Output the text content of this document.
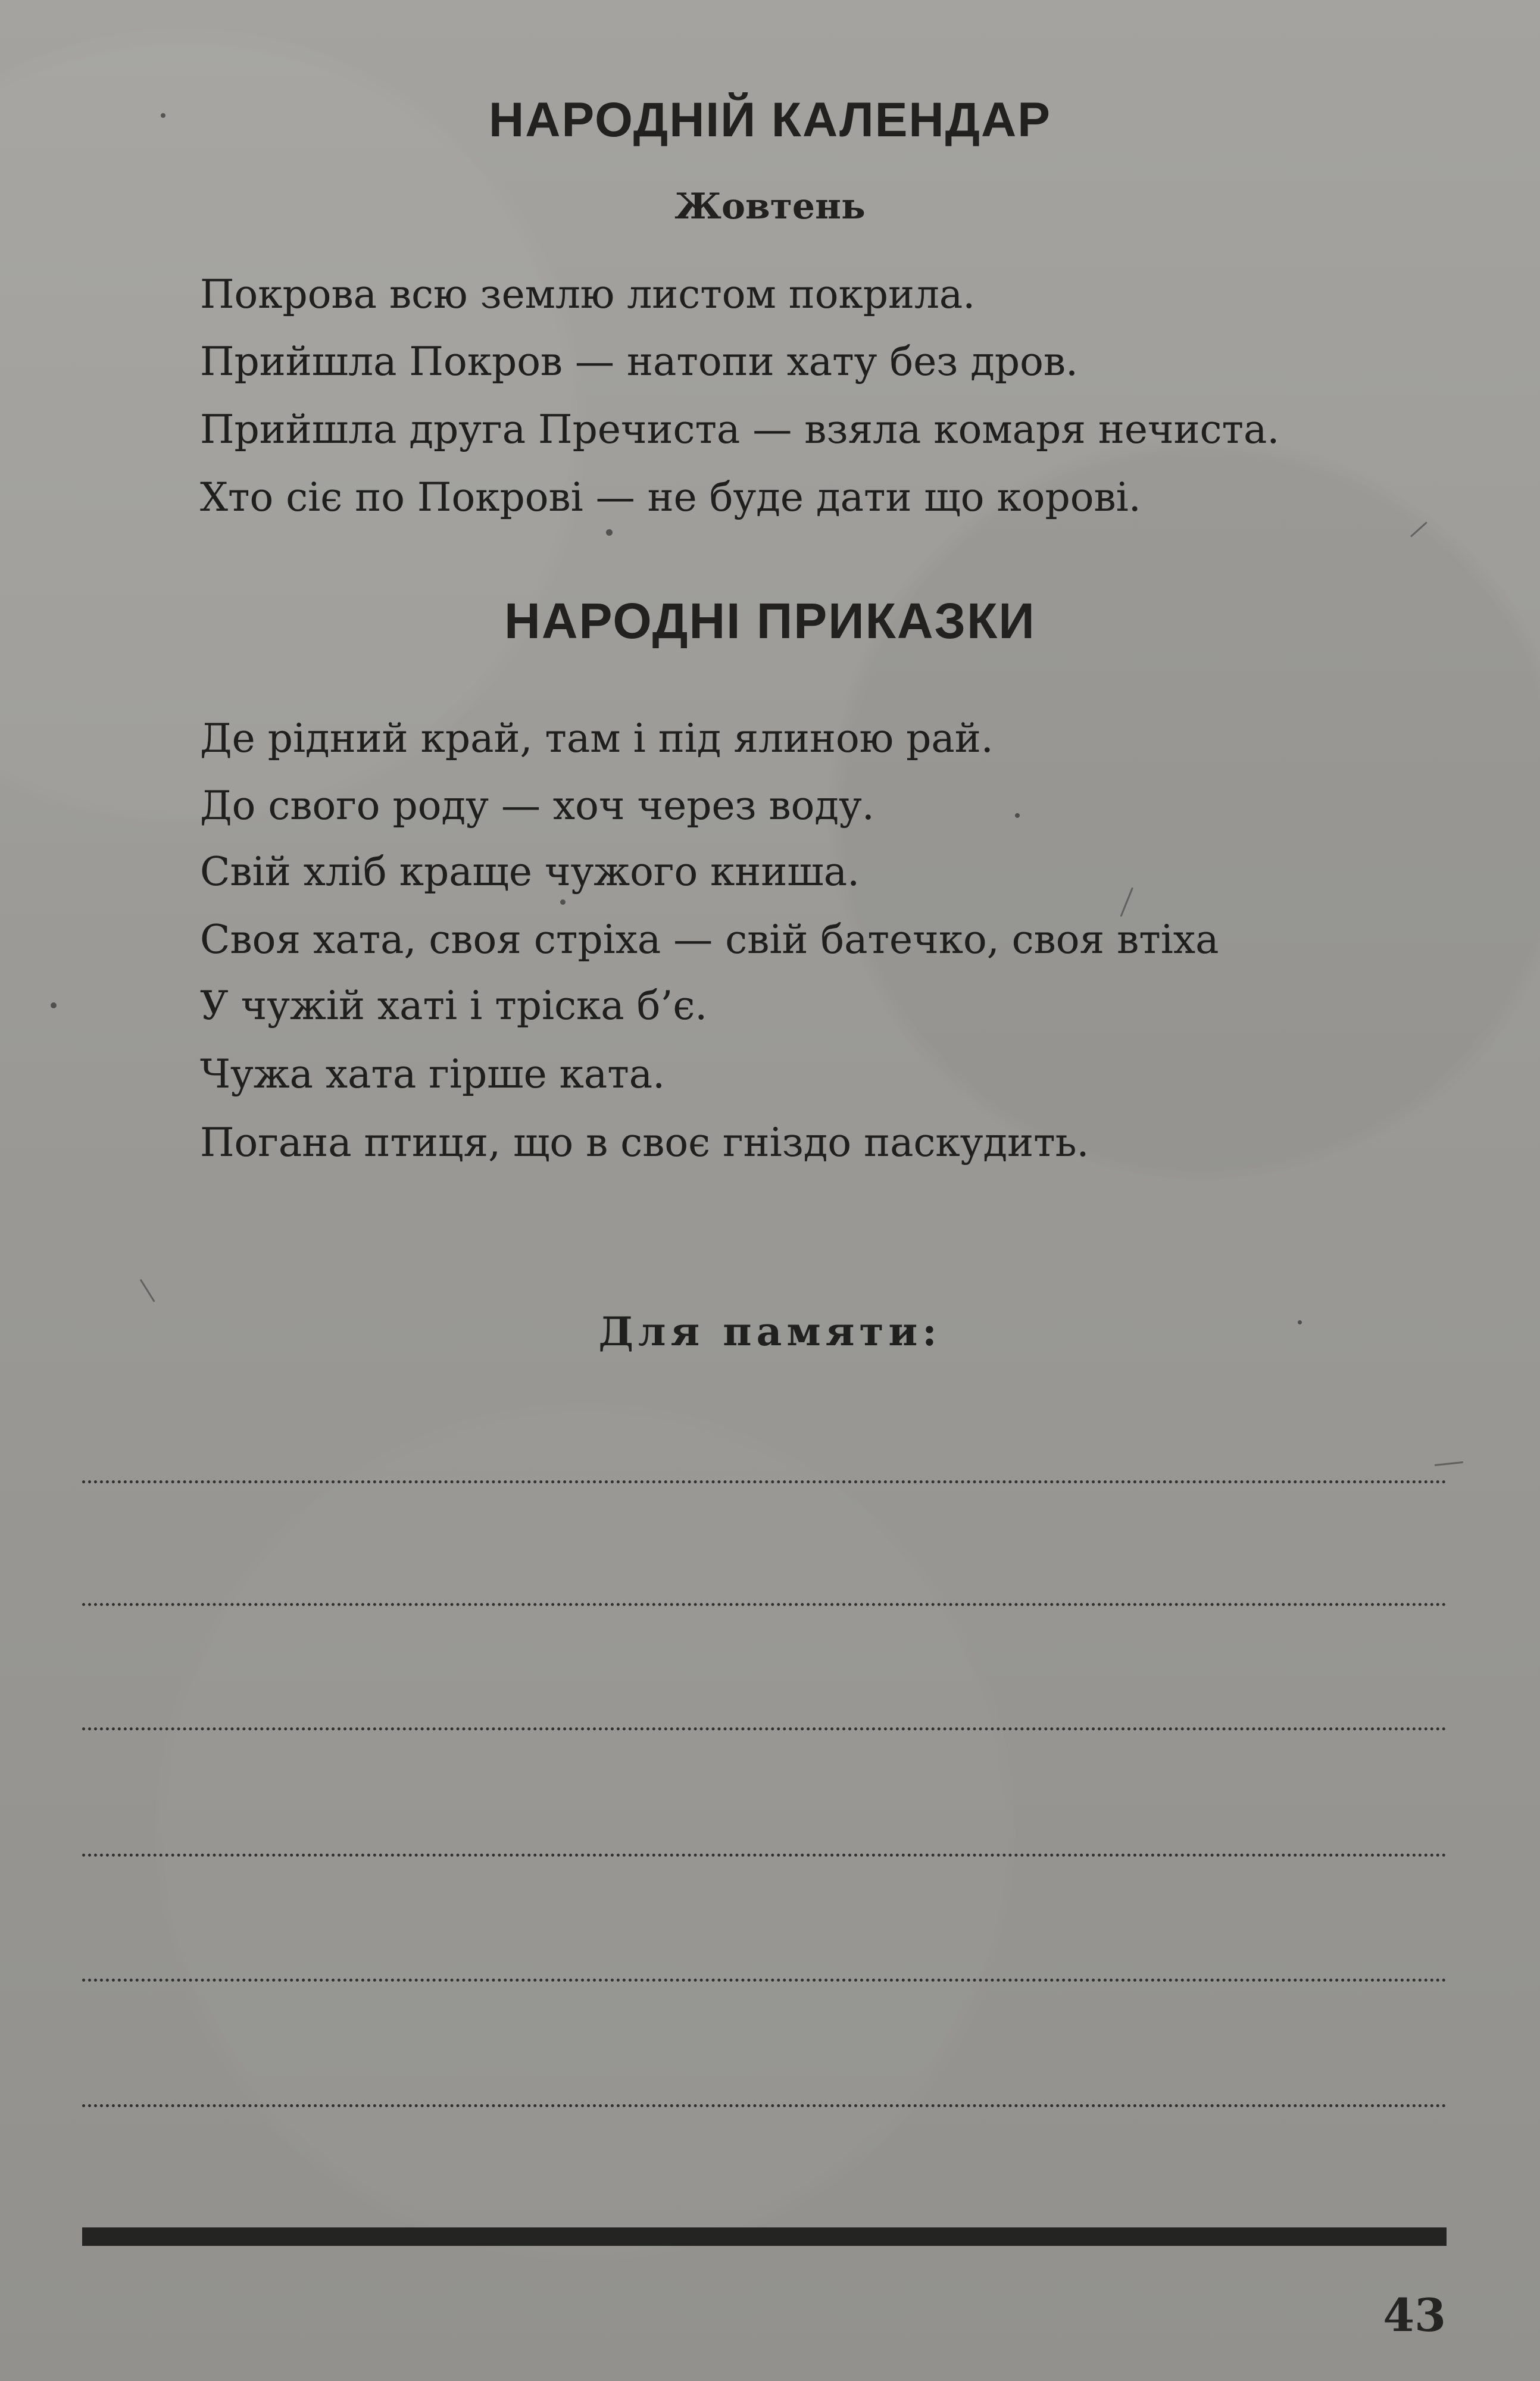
НАРОДНІЙ КАЛЕНДАР
Жовтень
Покрова всю землю листом покрила.
Прийшла Покров — натопи хату без дров.
Прийшла друга Пречиста — взяла комаря нечиста.
Хто сіє по Покрові — не буде дати що корові.
НАРОДНІ ПРИКАЗКИ
Де рідний край, там і під ялиною рай.
До свого роду — хоч через воду.
Свій хліб краще чужого книша.
Своя хата, своя стріха — свій батечко, своя втіха
У чужій хаті і тріска б’є.
Чужа хата гірше ката.
Погана птиця, що в своє гніздо паскудить.
Для памяти:
43
